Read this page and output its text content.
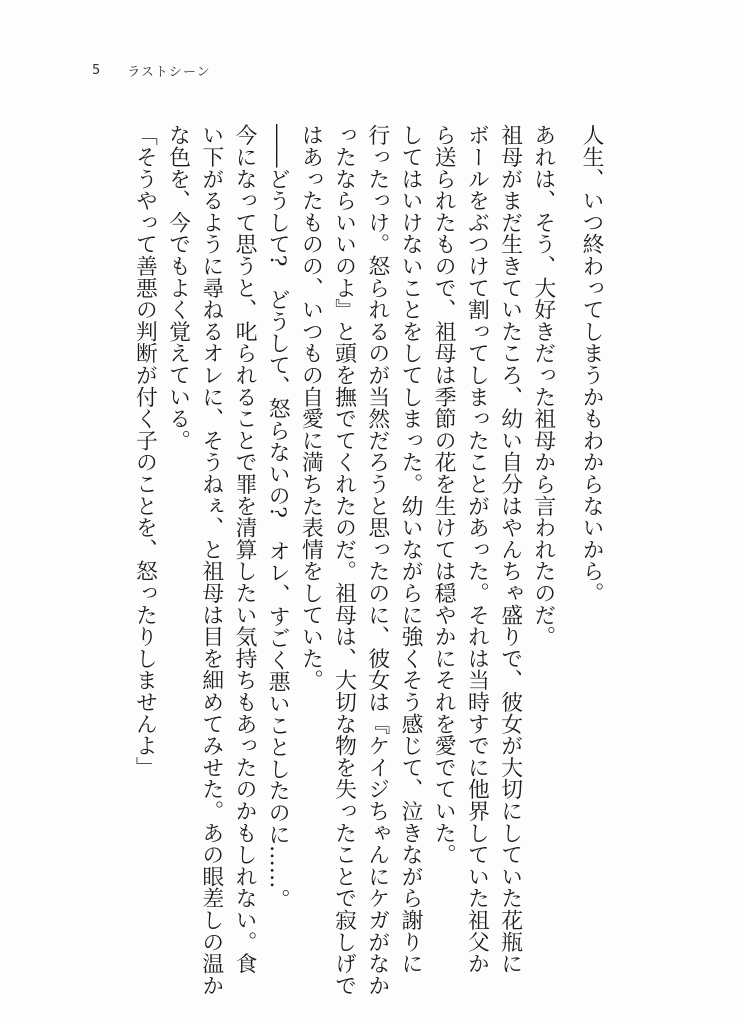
5 ラストシーン

人生、いつ終わってしまうかもわからないから。

あれは、そう、大好きだった祖母から言われたのだ。

祖母がまだ生きていたころ、幼い自分はやんちゃ盛りで、彼女が大切にしていた花瓶に

ボールをぶつけて割ってしまったことがあった。それは当時すでに他界していた祖父か

ら送られたもので、祖母は季節の花を生けては穏やかにそれを愛でていた。

してはいけないことをしてしまった。幼いながらに強くそう感じて、泣きながら謝りに

行ったっけ。怒られるのが当然だろうと思ったのに、彼女は『ケイジちゃんにケガがなか

ったならいいのよ』と頭を撫でてくれたのだ。祖母は、大切な物を失ったことで寂しげで

はあったものの、いつもの自愛に満ちた表情をしていた。

――どうして?　どうして、怒らないの?　オレ、すごく悪いことしたのに……。

今になって思うと、叱られることで罪を清算したい気持ちもあったのかもしれない。食

い下がるように尋ねるオレに、そうねぇ、と祖母は目を細めてみせた。あの眼差しの温か

な色を、今でもよく覚えている。

「そうやって善悪の判断が付く子のことを、怒ったりしませんよ」
